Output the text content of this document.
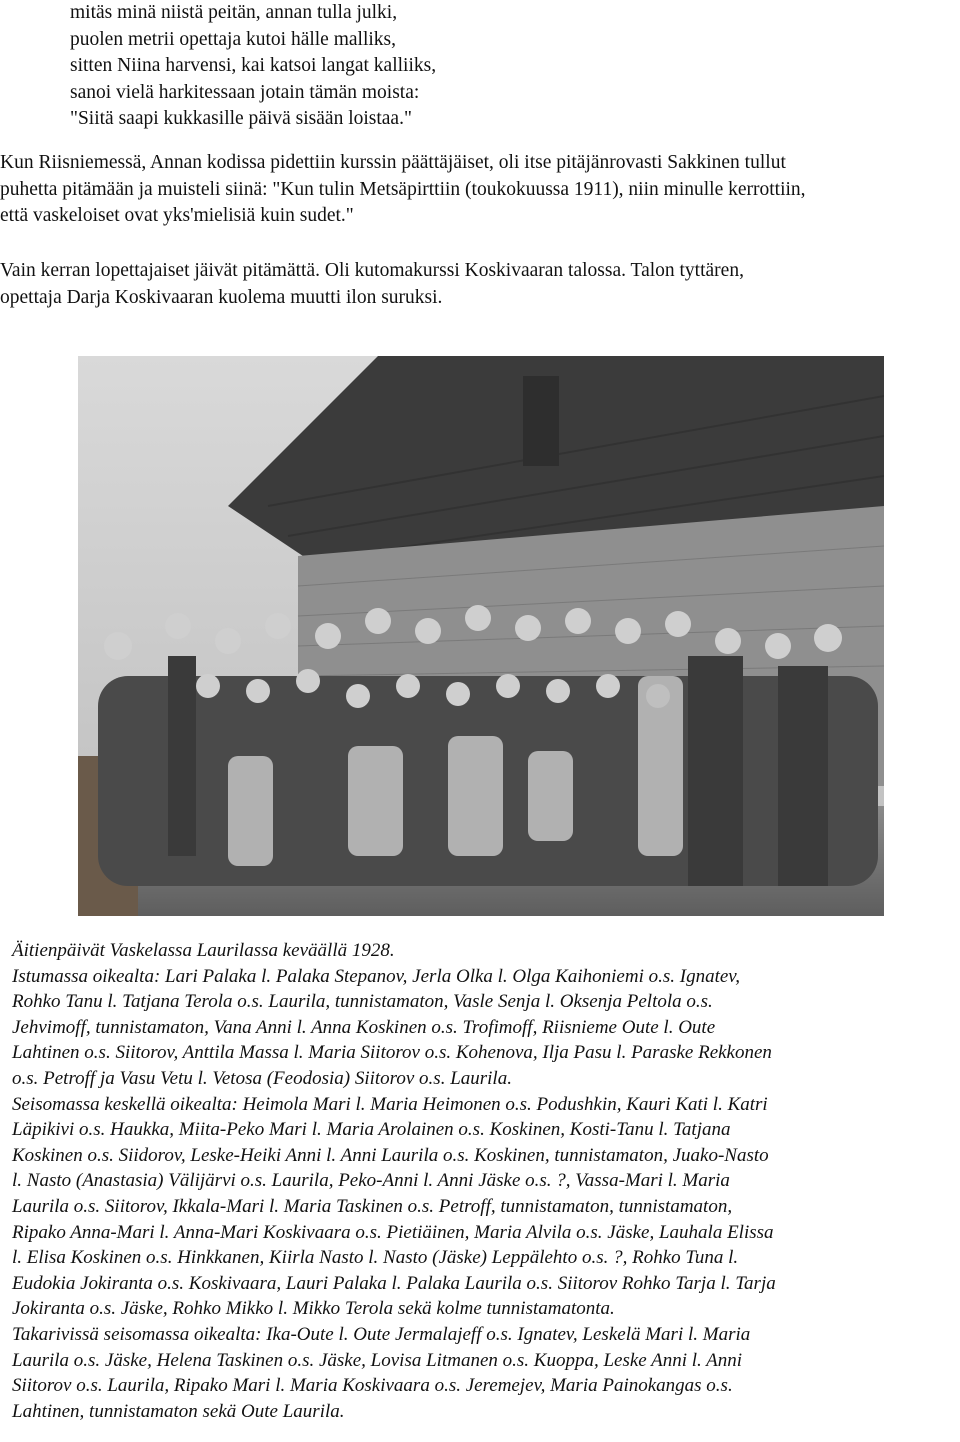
mitäs minä niistä peitän, annan tulla julki,
puolen metrii opettaja kutoi hälle malliks,
sitten Niina harvensi, kai katsoi langat kalliiks,
sanoi vielä harkitessaan jotain tämän moista:
"Siitä saapi kukkasille päivä sisään loistaa."
Kun Riisniemessä, Annan kodissa pidettiin kurssin päättäjäiset, oli itse pitäjänrovasti Sakkinen tullut
puhetta pitämään ja muisteli siinä: "Kun tulin Metsäpirttiin (toukokuussa 1911), niin minulle kerrottiin,
että vaskeloiset ovat yks'mielisiä kuin sudet."
Vain kerran lopettajaiset jäivät pitämättä. Oli kutomakurssi Koskivaaran talossa. Talon tyttären,
opettaja Darja Koskivaaran kuolema muutti ilon suruksi.
Äitienpäivät Vaskelassa Laurilassa keväällä 1928.
Istumassa oikealta: Lari Palaka l. Palaka Stepanov, Jerla Olka l. Olga Kaihoniemi o.s. Ignatev,
Rohko Tanu l. Tatjana Terola o.s. Laurila, tunnistamaton, Vasle Senja l. Oksenja Peltola o.s.
Jehvimoff, tunnistamaton, Vana Anni l. Anna Koskinen o.s. Trofimoff, Riisnieme Oute l. Oute
Lahtinen o.s. Siitorov, Anttila Massa l. Maria Siitorov o.s. Kohenova, Ilja Pasu l. Paraske Rekkonen
o.s. Petroff ja Vasu Vetu l. Vetosa (Feodosia) Siitorov o.s. Laurila.
Seisomassa keskellä oikealta: Heimola Mari l. Maria Heimonen o.s. Podushkin, Kauri Kati l. Katri
Läpikivi o.s. Haukka, Miita-Peko Mari l. Maria Arolainen o.s. Koskinen, Kosti-Tanu l. Tatjana
Koskinen o.s. Siidorov, Leske-Heiki Anni l. Anni Laurila o.s. Koskinen, tunnistamaton, Juako-Nasto
l. Nasto (Anastasia) Välijärvi o.s. Laurila, Peko-Anni l. Anni Jäske o.s. ?, Vassa-Mari l. Maria
Laurila o.s. Siitorov, Ikkala-Mari l. Maria Taskinen o.s. Petroff, tunnistamaton, tunnistamaton,
Ripako Anna-Mari l. Anna-Mari Koskivaara o.s. Pietiäinen, Maria Alvila o.s. Jäske, Lauhala Elissa
l. Elisa Koskinen o.s. Hinkkanen, Kiirla Nasto l. Nasto (Jäske) Leppälehto o.s. ?, Rohko Tuna l.
Eudokia Jokiranta o.s. Koskivaara, Lauri Palaka l. Palaka Laurila o.s. Siitorov Rohko Tarja l. Tarja
Jokiranta o.s. Jäske, Rohko Mikko l. Mikko Terola sekä kolme tunnistamatonta.
Takarivissä seisomassa oikealta: Ika-Oute l. Oute Jermalajeff o.s. Ignatev, Leskelä Mari l. Maria
Laurila o.s. Jäske, Helena Taskinen o.s. Jäske, Lovisa Litmanen o.s. Kuoppa, Leske Anni l. Anni
Siitorov o.s. Laurila, Ripako Mari l. Maria Koskivaara o.s. Jeremejev, Maria Painokangas o.s.
Lahtinen, tunnistamaton sekä Oute Laurila.
